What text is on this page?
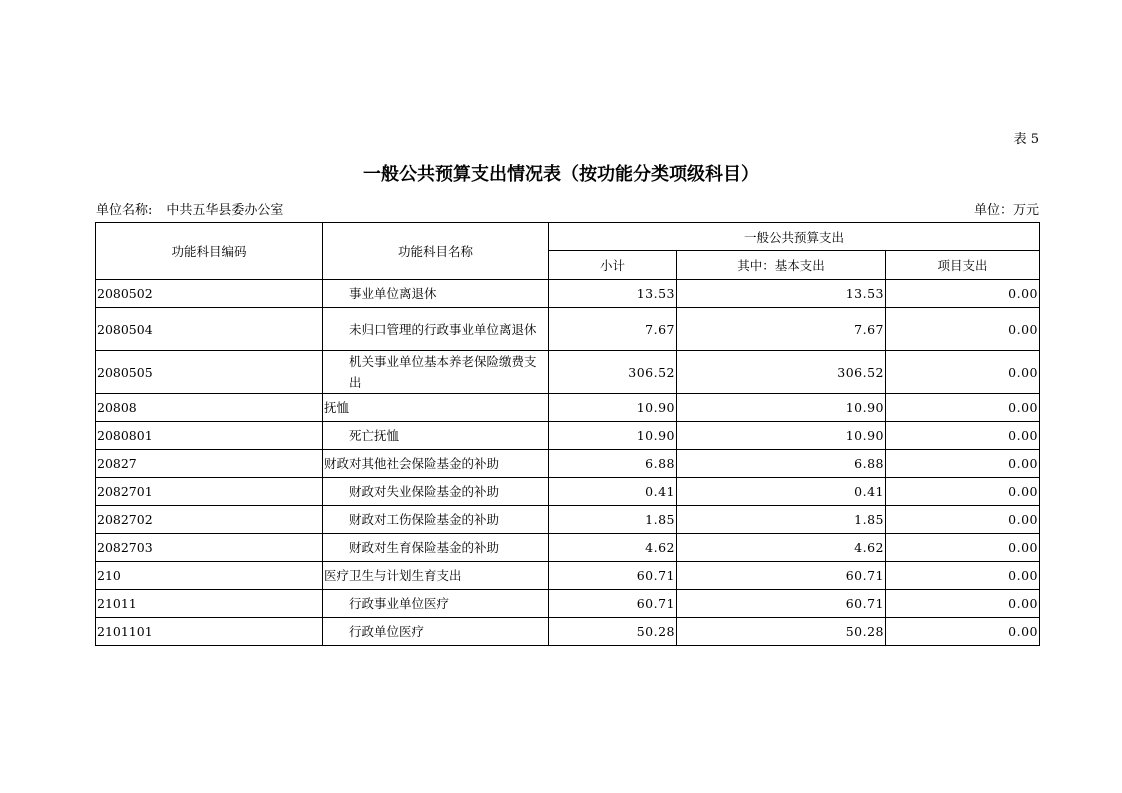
表 5
一般公共预算支出情况表（按功能分类项级科目）
单位名称: 中共五华县委办公室	单位：万元
功能科目编码	功能科目名称	一般公共预算支出		
		小计	其中：基本支出	项目支出
2080502	事业单位离退休	13.53	13.53	0.00
2080504	未归口管理的行政事业单位离退休	7.67	7.67	0.00
2080505	机关事业单位基本养老保险缴费支出	306.52	306.52	0.00
20808	抚恤	10.90	10.90	0.00
2080801	死亡抚恤	10.90	10.90	0.00
20827	财政对其他社会保险基金的补助	6.88	6.88	0.00
2082701	财政对失业保险基金的补助	0.41	0.41	0.00
2082702	财政对工伤保险基金的补助	1.85	1.85	0.00
2082703	财政对生育保险基金的补助	4.62	4.62	0.00
210	医疗卫生与计划生育支出	60.71	60.71	0.00
21011	行政事业单位医疗	60.71	60.71	0.00
2101101	行政单位医疗	50.28	50.28	0.00
